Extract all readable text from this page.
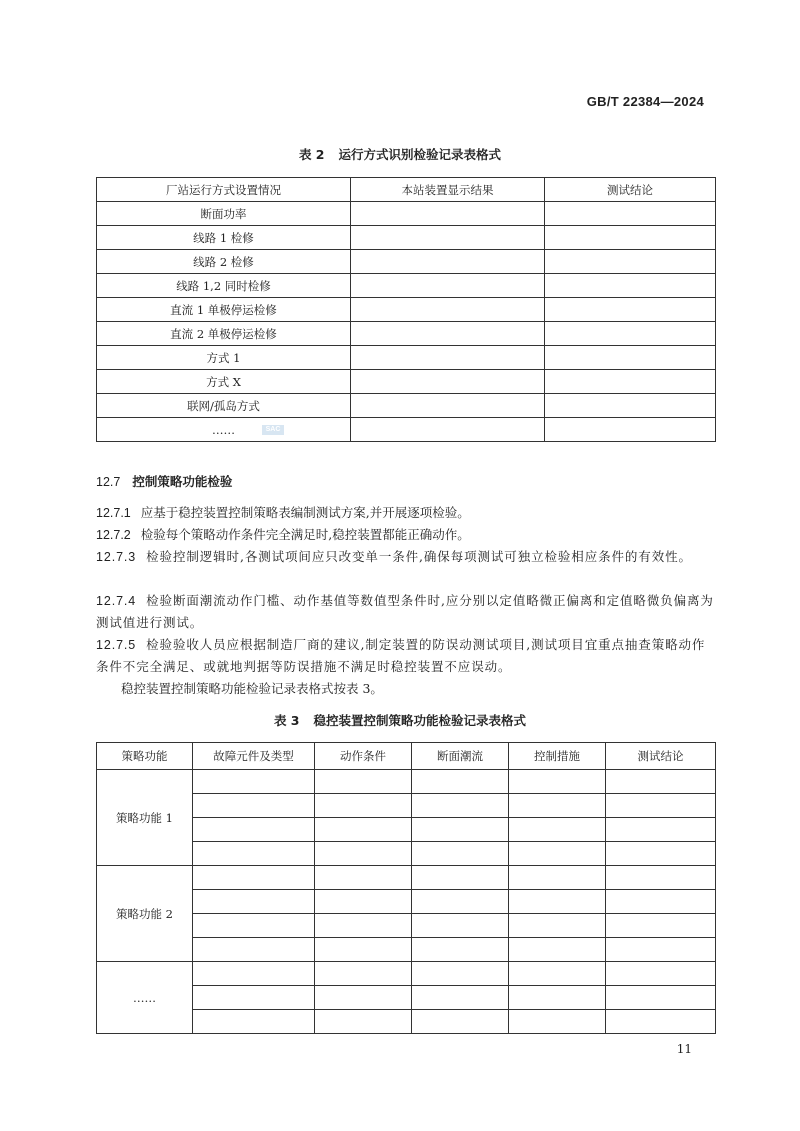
GB/T 22384—2024
表 2 运行方式识别检验记录表格式
厂站运行方式设置情况	本站装置显示结果	测试结论
断面功率		
线路 1 检修		
线路 2 检修		
线路 1,2 同时检修		
直流 1 单极停运检修		
直流 2 单极停运检修		
方式 1		
方式 X		
联网/孤岛方式		
……			SAC
12.7 控制策略功能检验
12.7.1 应基于稳控装置控制策略表编制测试方案,并开展逐项检验。
12.7.2 检验每个策略动作条件完全满足时,稳控装置都能正确动作。
12.7.3 检验控制逻辑时,各测试项间应只改变单一条件,确保每项测试可独立检验相应条件的有效性。
12.7.4 检验断面潮流动作门槛、动作基值等数值型条件时,应分别以定值略微正偏离和定值略微负偏离为测试值进行测试。
12.7.5 检验验收人员应根据制造厂商的建议,制定装置的防误动测试项目,测试项目宜重点抽查策略动作条件不完全满足、或就地判据等防误措施不满足时稳控装置不应误动。
稳控装置控制策略功能检验记录表格式按表 3。
表 3 稳控装置控制策略功能检验记录表格式
策略功能	故障元件及类型	动作条件	断面潮流	控制措施	测试结论
策略功能 1					

策略功能 2					

……					

11
